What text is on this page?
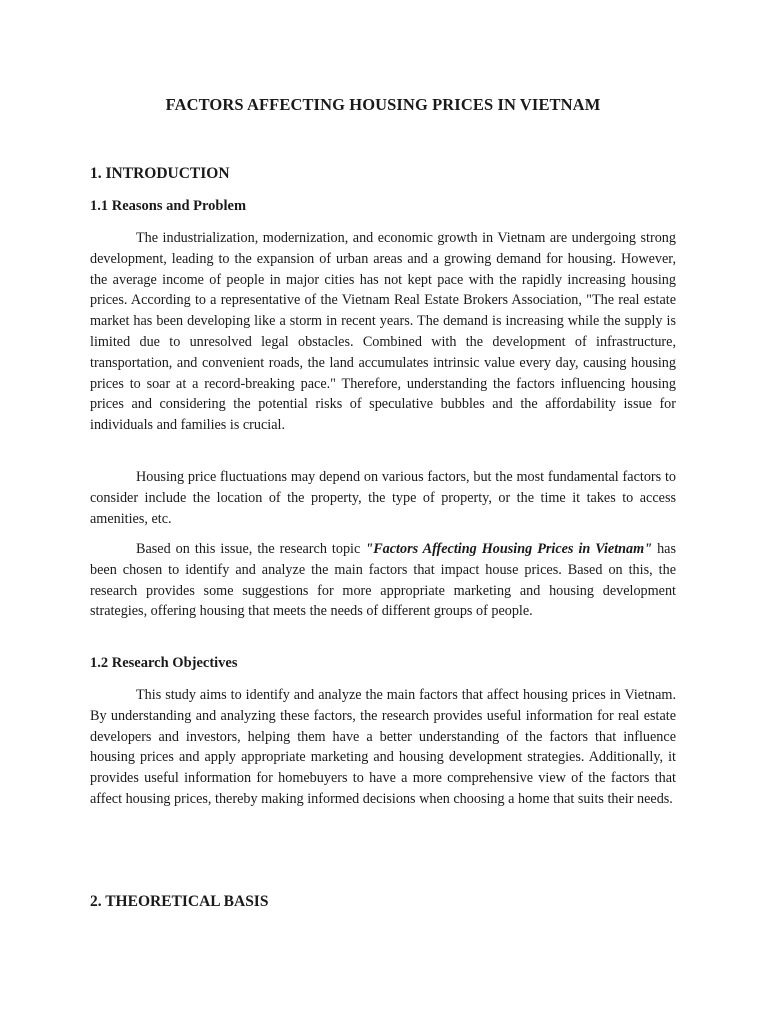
FACTORS AFFECTING HOUSING PRICES IN VIETNAM
1. INTRODUCTION
1.1 Reasons and Problem

The industrialization, modernization, and economic growth in Vietnam are undergoing strong development, leading to the expansion of urban areas and a growing demand for housing. However, the average income of people in major cities has not kept pace with the rapidly increasing housing prices. According to a representative of the Vietnam Real Estate Brokers Association, "The real estate market has been developing like a storm in recent years. The demand is increasing while the supply is limited due to unresolved legal obstacles. Combined with the development of infrastructure, transportation, and convenient roads, the land accumulates intrinsic value every day, causing housing prices to soar at a record-breaking pace." Therefore, understanding the factors influencing housing prices and considering the potential risks of speculative bubbles and the affordability issue for individuals and families is crucial.

Housing price fluctuations may depend on various factors, but the most fundamental factors to consider include the location of the property, the type of property, or the time it takes to access amenities, etc.

Based on this issue, the research topic "Factors Affecting Housing Prices in Vietnam" has been chosen to identify and analyze the main factors that impact house prices. Based on this, the research provides some suggestions for more appropriate marketing and housing development strategies, offering housing that meets the needs of different groups of people.

1.2 Research Objectives

This study aims to identify and analyze the main factors that affect housing prices in Vietnam. By understanding and analyzing these factors, the research provides useful information for real estate developers and investors, helping them have a better understanding of the factors that influence housing prices and apply appropriate marketing and housing development strategies. Additionally, it provides useful information for homebuyers to have a more comprehensive view of the factors that affect housing prices, thereby making informed decisions when choosing a home that suits their needs.

2. THEORETICAL BASIS
